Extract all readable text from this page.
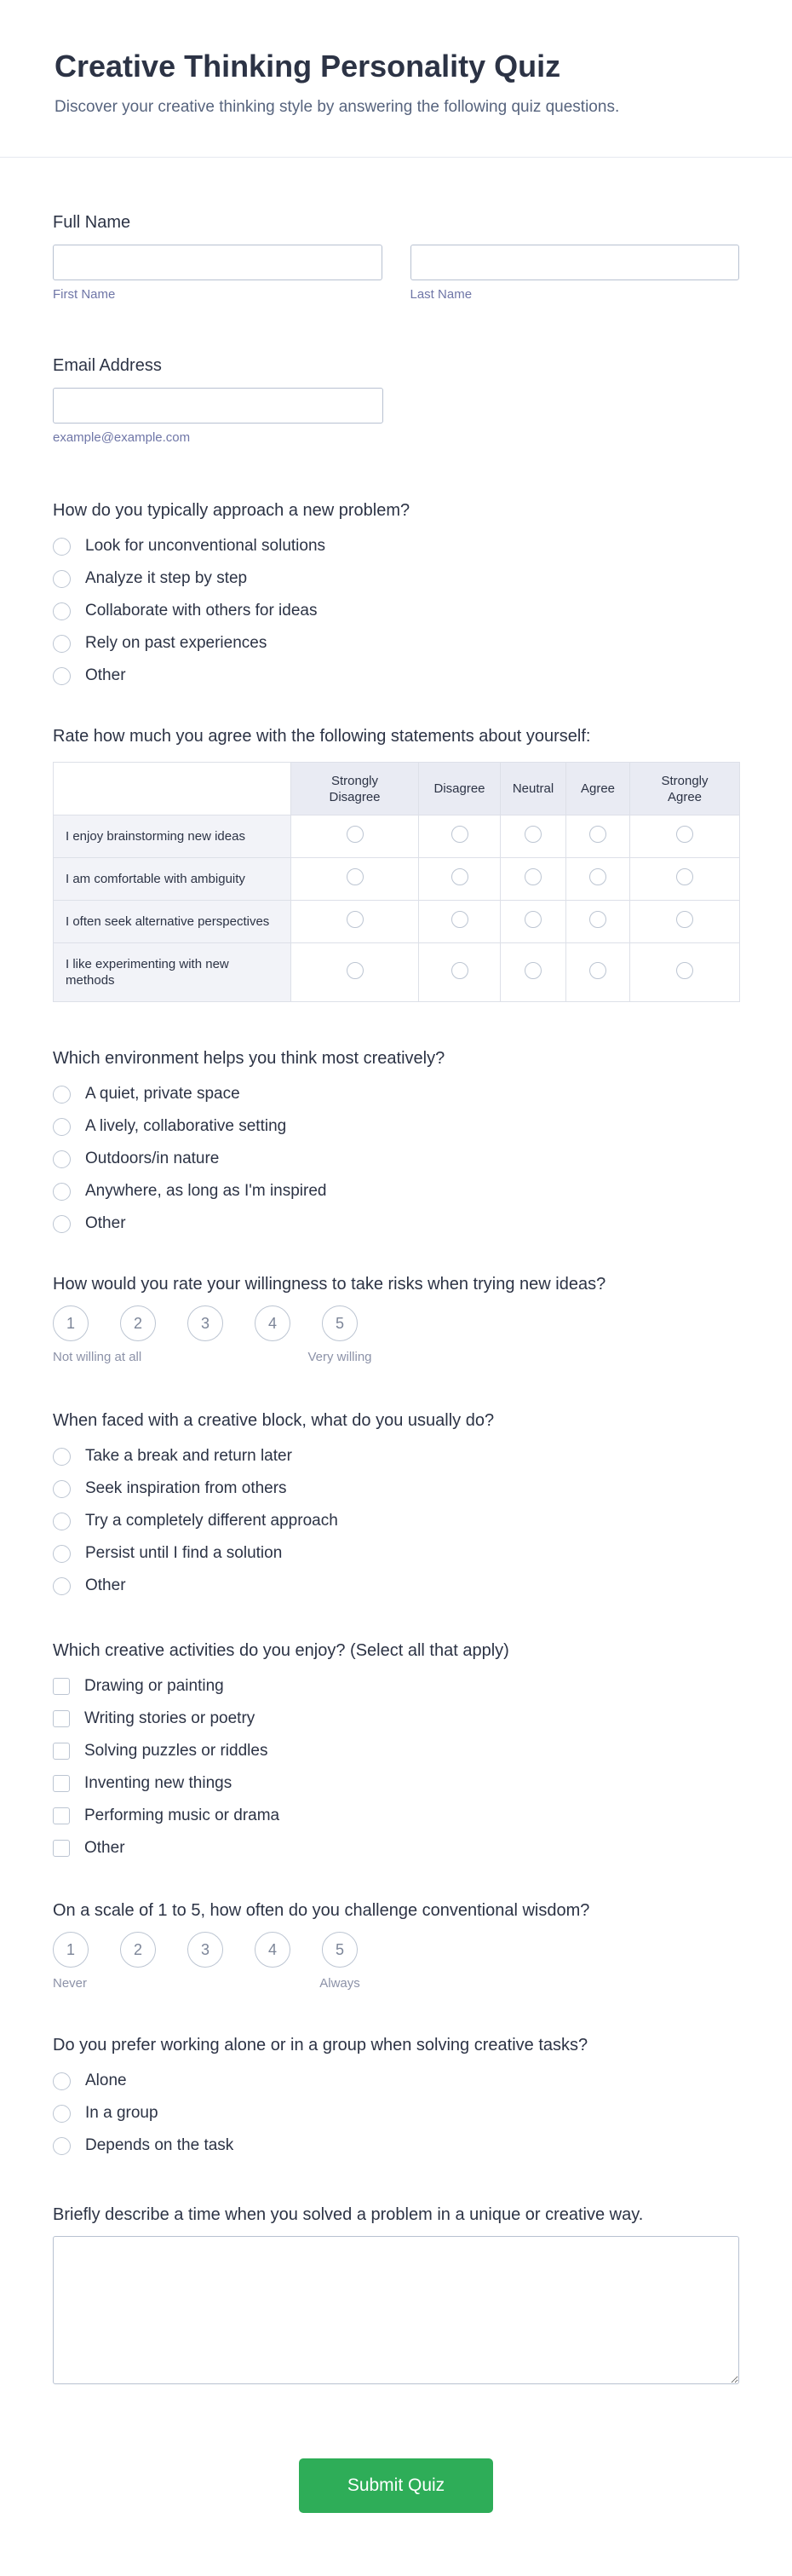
Creative Thinking Personality Quiz

Discover your creative thinking style by answering the following quiz questions.

Full Name
First Name	Last Name
Email Address
example@example.com
How do you typically approach a new problem?
Look for unconventional solutions
Analyze it step by step
Collaborate with others for ideas
Rely on past experiences
Other
Rate how much you agree with the following statements about yourself:
	Strongly Disagree	Disagree	Neutral	Agree	Strongly Agree
I enjoy brainstorming new ideas					
I am comfortable with ambiguity					
I often seek alternative perspectives					
I like experimenting with new methods					
Which environment helps you think most creatively?
A quiet, private space
A lively, collaborative setting
Outdoors/in nature
Anywhere, as long as I'm inspired
Other
How would you rate your willingness to take risks when trying new ideas?
1	2	3	4	5
Not willing at all	Very willing
When faced with a creative block, what do you usually do?
Take a break and return later
Seek inspiration from others
Try a completely different approach
Persist until I find a solution
Other
Which creative activities do you enjoy? (Select all that apply)
Drawing or painting
Writing stories or poetry
Solving puzzles or riddles
Inventing new things
Performing music or drama
Other
On a scale of 1 to 5, how often do you challenge conventional wisdom?
1	2	3	4	5
Never	Always
Do you prefer working alone or in a group when solving creative tasks?
Alone
In a group
Depends on the task
Briefly describe a time when you solved a problem in a unique or creative way.
Submit Quiz
